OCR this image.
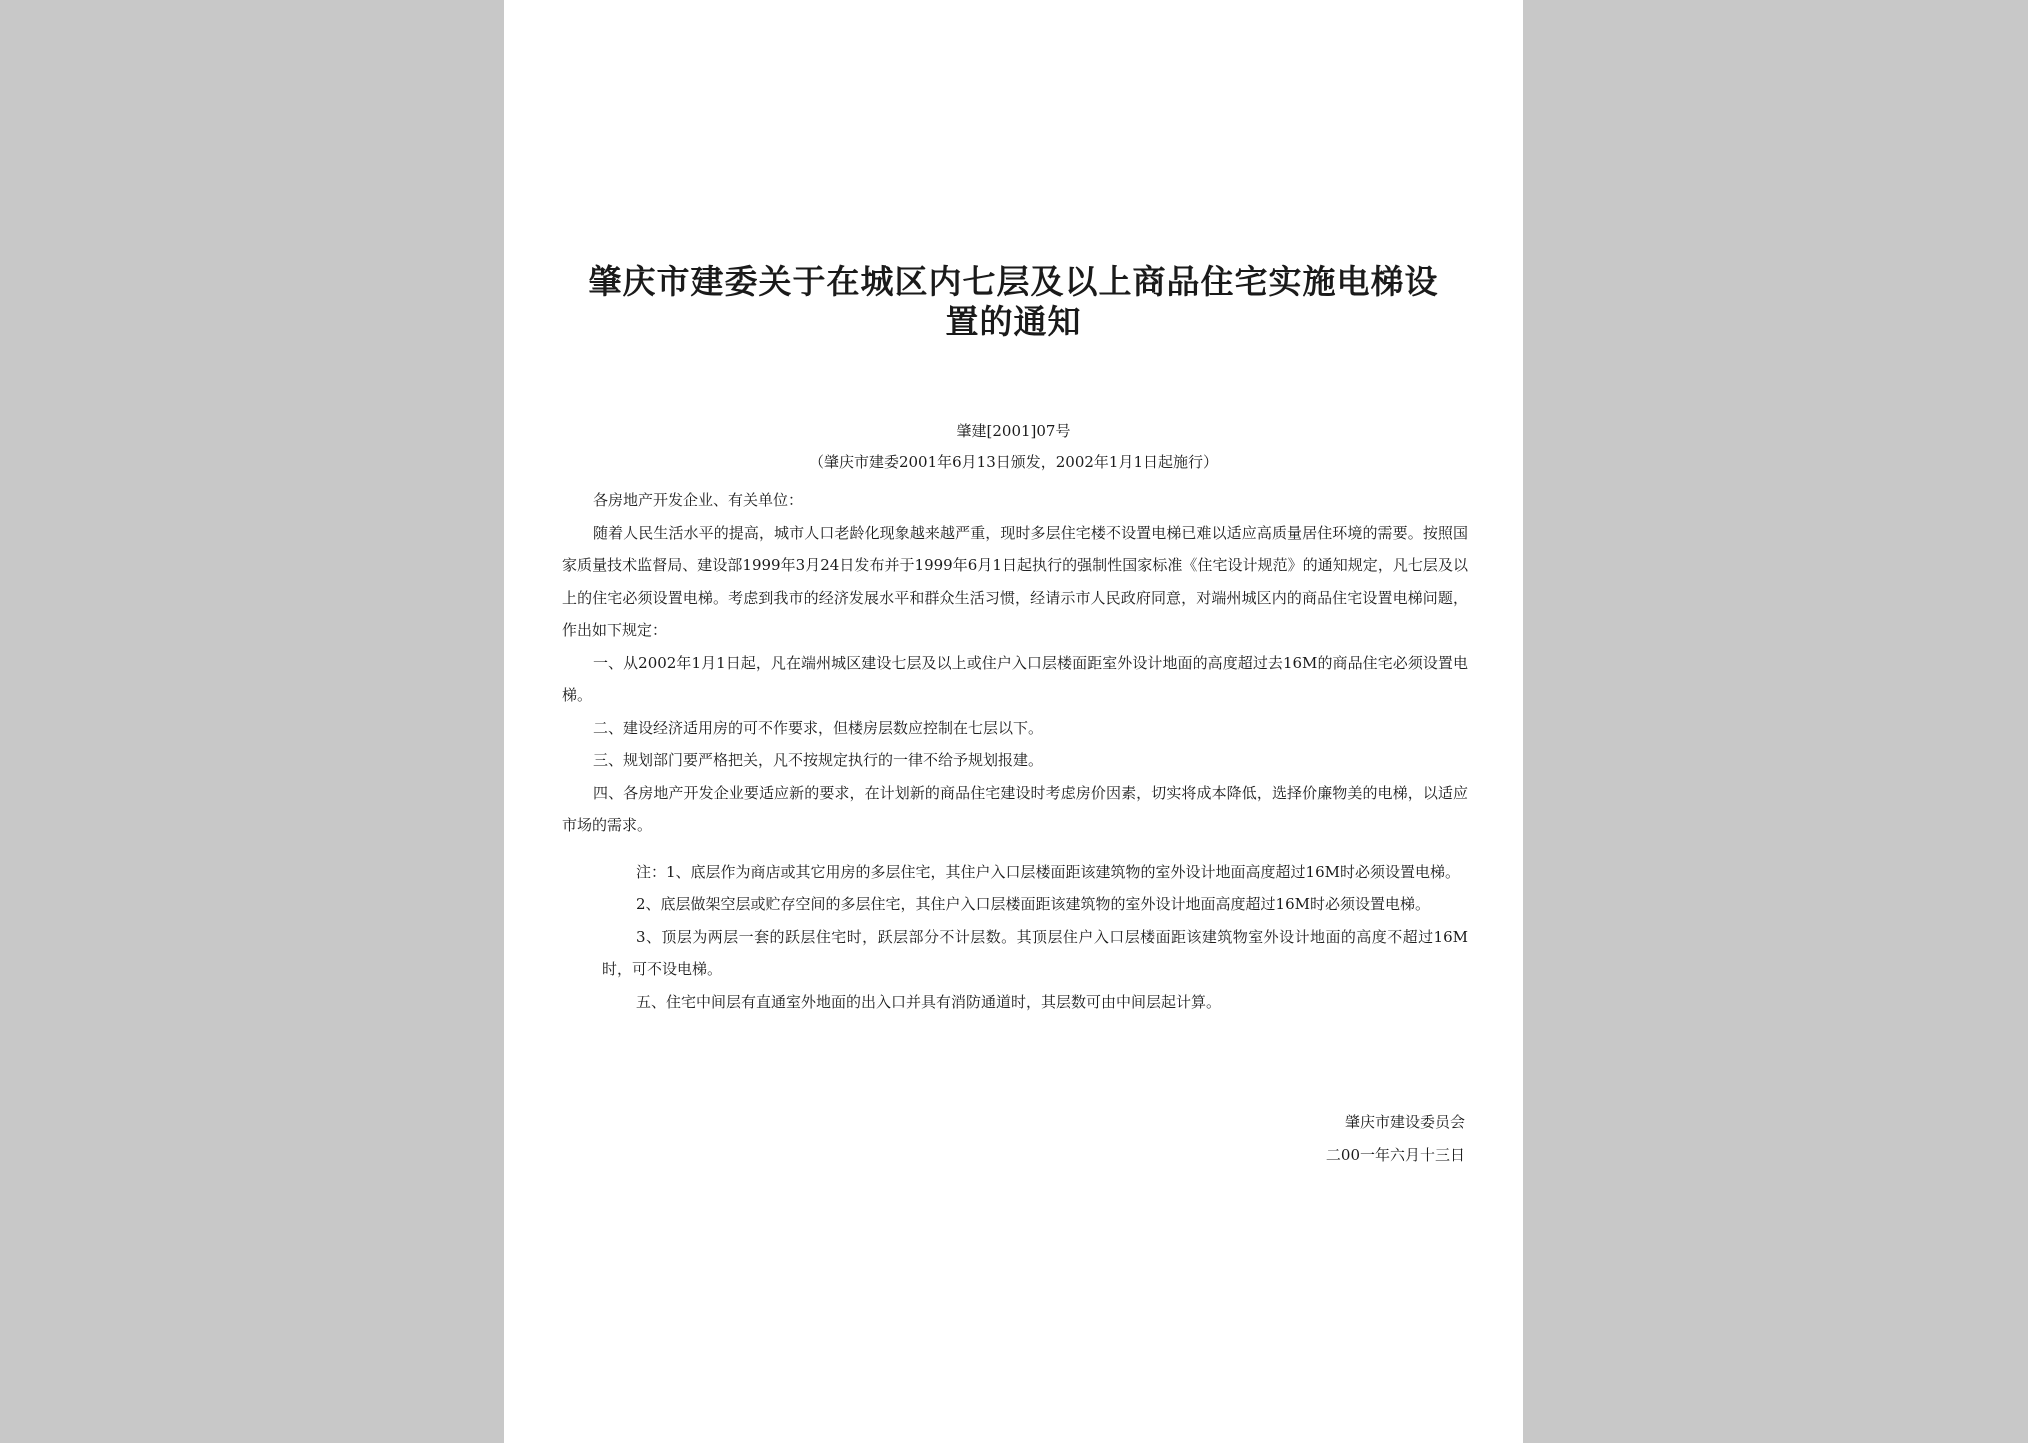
肇庆市建委关于在城区内七层及以上商品住宅实施电梯设置的通知
肇建[2001]07号
（肇庆市建委2001年6月13日颁发，2002年1月1日起施行）

各房地产开发企业、有关单位：

随着人民生活水平的提高，城市人口老龄化现象越来越严重，现时多层住宅楼不设置电梯已难以适应高质量居住环境的需要。按照国家质量技术监督局、建设部1999年3月24日发布并于1999年6月1日起执行的强制性国家标准《住宅设计规范》的通知规定，凡七层及以上的住宅必须设置电梯。考虑到我市的经济发展水平和群众生活习惯，经请示市人民政府同意，对端州城区内的商品住宅设置电梯问题，作出如下规定：

一、从2002年1月1日起，凡在端州城区建设七层及以上或住户入口层楼面距室外设计地面的高度超过去16M的商品住宅必须设置电梯。

二、建设经济适用房的可不作要求，但楼房层数应控制在七层以下。

三、规划部门要严格把关，凡不按规定执行的一律不给予规划报建。

四、各房地产开发企业要适应新的要求，在计划新的商品住宅建设时考虑房价因素，切实将成本降低，选择价廉物美的电梯，以适应市场的需求。

注：1、底层作为商店或其它用房的多层住宅，其住户入口层楼面距该建筑物的室外设计地面高度超过16M时必须设置电梯。

2、底层做架空层或贮存空间的多层住宅，其住户入口层楼面距该建筑物的室外设计地面高度超过16M时必须设置电梯。

3、顶层为两层一套的跃层住宅时，跃层部分不计层数。其顶层住户入口层楼面距该建筑物室外设计地面的高度不超过16M时，可不设电梯。

五、住宅中间层有直通室外地面的出入口并具有消防通道时，其层数可由中间层起计算。

肇庆市建设委员会
二00一年六月十三日
